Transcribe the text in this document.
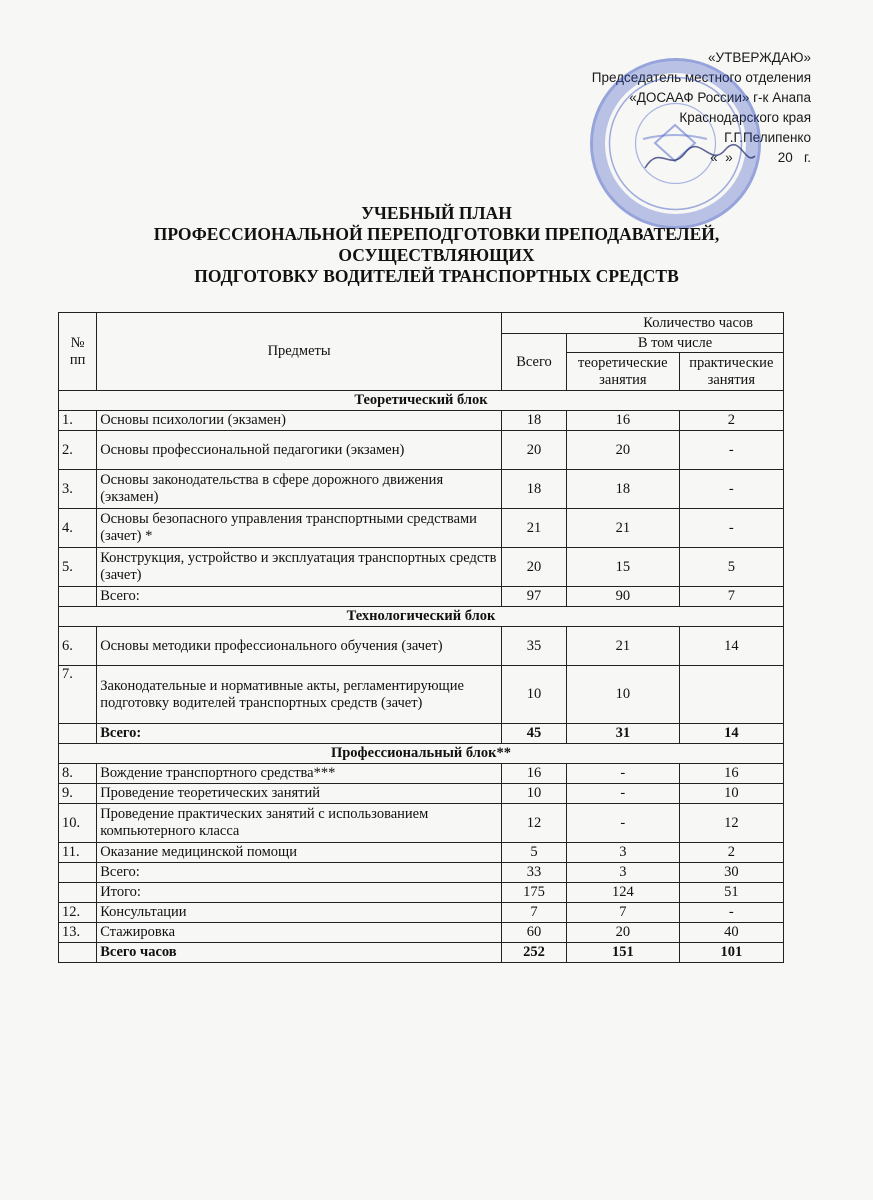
«УТВЕРЖДАЮ»
Председатель местного отделения
«ДОСААФ России» г-к Анапа
Краснодарского края
Г.Г.Пелипенко
«  »            20   г.
УЧЕБНЫЙ ПЛАН
ПРОФЕССИОНАЛЬНОЙ ПЕРЕПОДГОТОВКИ ПРЕПОДАВАТЕЛЕЙ,
ОСУЩЕСТВЛЯЮЩИХ
ПОДГОТОВКУ ВОДИТЕЛЕЙ ТРАНСПОРТНЫХ СРЕДСТВ
№ пп	Предметы	Количество часов		
		Всего	В том числе	
			теоретические занятия	практические занятия
Теоретический блок				
1.	Основы психологии (экзамен)	18	16	2
2.	Основы профессиональной педагогики (экзамен)	20	20	-
3.	Основы законодательства в сфере дорожного движения (экзамен)	18	18	-
4.	Основы безопасного управления транспортными средствами (зачет) *	21	21	-
5.	Конструкция, устройство и эксплуатация транспортных средств (зачет)	20	15	5
	Всего:	97	90	7
Технологический блок				
6.	Основы методики профессионального обучения (зачет)	35	21	14
7.	Законодательные и нормативные акты, регламентирующие подготовку водителей транспортных средств (зачет)	10	10	
	Всего:	45	31	14
Профессиональный блок**				
8.	Вождение транспортного средства***	16	-	16
9.	Проведение теоретических занятий	10	-	10
10.	Проведение практических занятий с использованием компьютерного класса	12	-	12
11.	Оказание медицинской помощи	5	3	2
	Всего:	33	3	30
	Итого:	175	124	51
12.	Консультации	7	7	-
13.	Стажировка	60	20	40
	Всего часов	252	151	101
